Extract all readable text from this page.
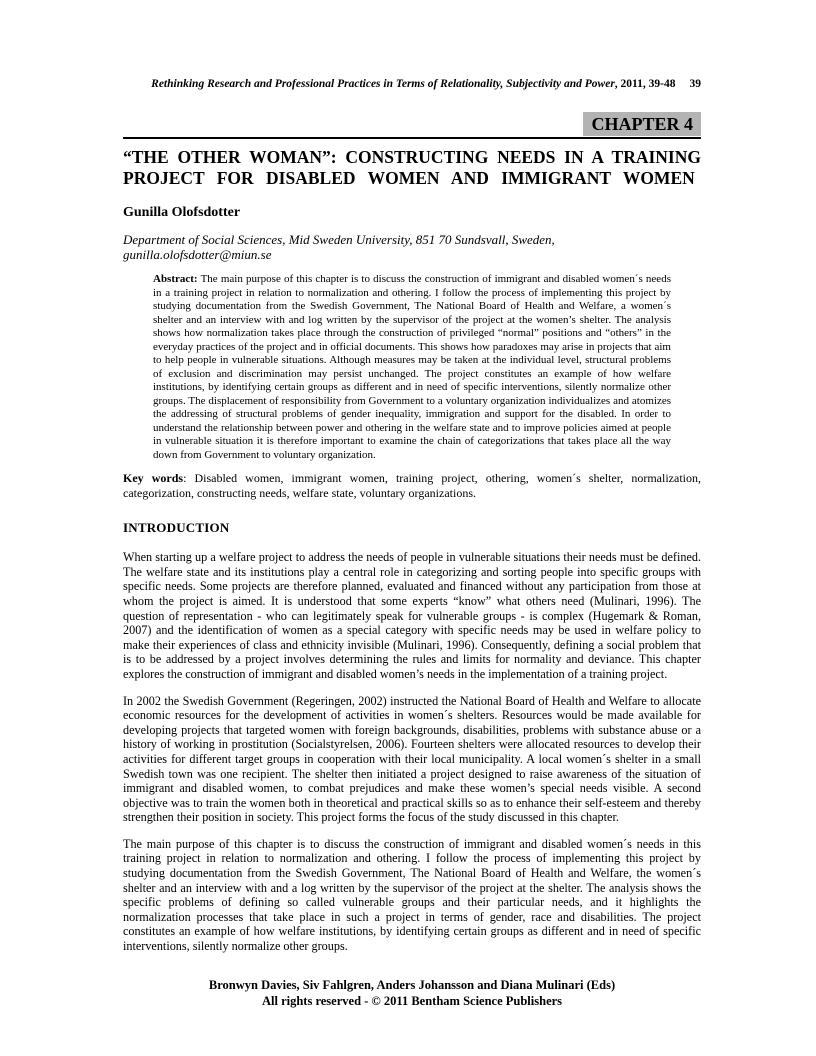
Rethinking Research and Professional Practices in Terms of Relationality, Subjectivity and Power, 2011, 39-48 39
CHAPTER 4
“THE OTHER WOMAN”: CONSTRUCTING NEEDS IN A TRAINING
PROJECT FOR DISABLED WOMEN AND IMMIGRANT WOMEN
Gunilla Olofsdotter
Department of Social Sciences, Mid Sweden University, 851 70 Sundsvall, Sweden, gunilla.olofsdotter@miun.se
Abstract: The main purpose of this chapter is to discuss the construction of immigrant and disabled women´s needs in a training project in relation to normalization and othering. I follow the process of implementing this project by studying documentation from the Swedish Government, The National Board of Health and Welfare, a women´s shelter and an interview with and log written by the supervisor of the project at the women’s shelter. The analysis shows how normalization takes place through the construction of privileged “normal” positions and “others” in the everyday practices of the project and in official documents. This shows how paradoxes may arise in projects that aim to help people in vulnerable situations. Although measures may be taken at the individual level, structural problems of exclusion and discrimination may persist unchanged. The project constitutes an example of how welfare institutions, by identifying certain groups as different and in need of specific interventions, silently normalize other groups. The displacement of responsibility from Government to a voluntary organization individualizes and atomizes the addressing of structural problems of gender inequality, immigration and support for the disabled. In order to understand the relationship between power and othering in the welfare state and to improve policies aimed at people in vulnerable situation it is therefore important to examine the chain of categorizations that takes place all the way down from Government to voluntary organization.
Key words: Disabled women, immigrant women, training project, othering, women´s shelter, normalization, categorization, constructing needs, welfare state, voluntary organizations.
INTRODUCTION

When starting up a welfare project to address the needs of people in vulnerable situations their needs must be defined. The welfare state and its institutions play a central role in categorizing and sorting people into specific groups with specific needs. Some projects are therefore planned, evaluated and financed without any participation from those at whom the project is aimed. It is understood that some experts “know” what others need (Mulinari, 1996). The question of representation - who can legitimately speak for vulnerable groups - is complex (Hugemark & Roman, 2007) and the identification of women as a special category with specific needs may be used in welfare policy to make their experiences of class and ethnicity invisible (Mulinari, 1996). Consequently, defining a social problem that is to be addressed by a project involves determining the rules and limits for normality and deviance. This chapter explores the construction of immigrant and disabled women’s needs in the implementation of a training project.

In 2002 the Swedish Government (Regeringen, 2002) instructed the National Board of Health and Welfare to allocate economic resources for the development of activities in women´s shelters. Resources would be made available for developing projects that targeted women with foreign backgrounds, disabilities, problems with substance abuse or a history of working in prostitution (Socialstyrelsen, 2006). Fourteen shelters were allocated resources to develop their activities for different target groups in cooperation with their local municipality. A local women´s shelter in a small Swedish town was one recipient. The shelter then initiated a project designed to raise awareness of the situation of immigrant and disabled women, to combat prejudices and make these women’s special needs visible. A second objective was to train the women both in theoretical and practical skills so as to enhance their self-esteem and thereby strengthen their position in society. This project forms the focus of the study discussed in this chapter.

The main purpose of this chapter is to discuss the construction of immigrant and disabled women´s needs in this training project in relation to normalization and othering. I follow the process of implementing this project by studying documentation from the Swedish Government, The National Board of Health and Welfare, the women´s shelter and an interview with and a log written by the supervisor of the project at the shelter. The analysis shows the specific problems of defining so called vulnerable groups and their particular needs, and it highlights the normalization processes that take place in such a project in terms of gender, race and disabilities. The project constitutes an example of how welfare institutions, by identifying certain groups as different and in need of specific interventions, silently normalize other groups.

Bronwyn Davies, Siv Fahlgren, Anders Johansson and Diana Mulinari (Eds)
All rights reserved - © 2011 Bentham Science Publishers
